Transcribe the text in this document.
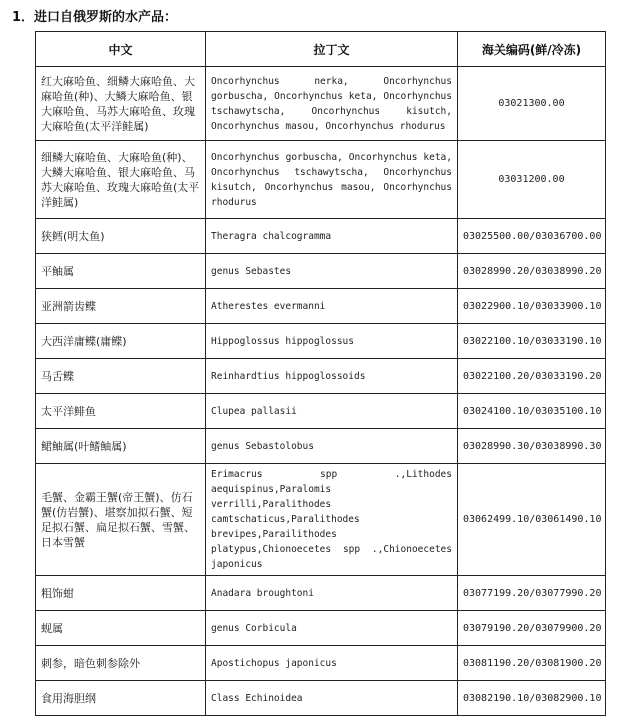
1．进口自俄罗斯的水产品：
中文	拉丁文	海关编码(鲜/冷冻)
红大麻哈鱼、细鳞大麻哈鱼、大麻哈鱼(种)、大鳞大麻哈鱼、银大麻哈鱼、马苏大麻哈鱼、玫瑰大麻哈鱼(太平洋鲑属)	Oncorhynchus nerka, Oncorhynchus gorbuscha, Oncorhynchus keta, Oncorhynchus tschawytscha, Oncorhynchus kisutch, Oncorhynchus masou, Oncorhynchus rhodurus	03021300.00
细鳞大麻哈鱼、大麻哈鱼(种)、大鳞大麻哈鱼、银大麻哈鱼、马苏大麻哈鱼、玫瑰大麻哈鱼(太平洋鲑属)	Oncorhynchus gorbuscha, Oncorhynchus keta, Oncorhynchus tschawytscha, Oncorhynchus kisutch, Oncorhynchus masou, Oncorhynchus rhodurus	03031200.00
狭鳕(明太鱼)	Theragra chalcogramma	03025500.00/03036700.00
平鲉属	genus Sebastes	03028990.20/03038990.20
亚洲箭齿鲽	Atherestes evermanni	03022900.10/03033900.10
大西洋庸鲽(庸鲽)	Hippoglossus hippoglossus	03022100.10/03033190.10
马舌鲽	Reinhardtius hippoglossoids	03022100.20/03033190.20
太平洋鲱鱼	Clupea pallasii	03024100.10/03035100.10
鲪鲉属(叶鳍鲉属)	genus Sebastolobus	03028990.30/03038990.30
毛蟹、金霸王蟹(帝王蟹)、仿石蟹(仿岩蟹)、堪察加拟石蟹、短足拟石蟹、扁足拟石蟹、雪蟹、日本雪蟹	Erimacrus spp .,Lithodes aequispinus,Paralomis verrilli,Paralithodes camtschaticus,Paralithodes
brevipes,Parailithodes
platypus,Chionoecetes spp .,Chionoecetes japonicus	03062499.10/03061490.10
粗饰蚶	Anadara broughtoni	03077199.20/03077990.20
蚬属	genus Corbicula	03079190.20/03079900.20
刺参，暗色刺参除外	Apostichopus japonicus	03081190.20/03081900.20
食用海胆纲	Class Echinoidea	03082190.10/03082900.10
